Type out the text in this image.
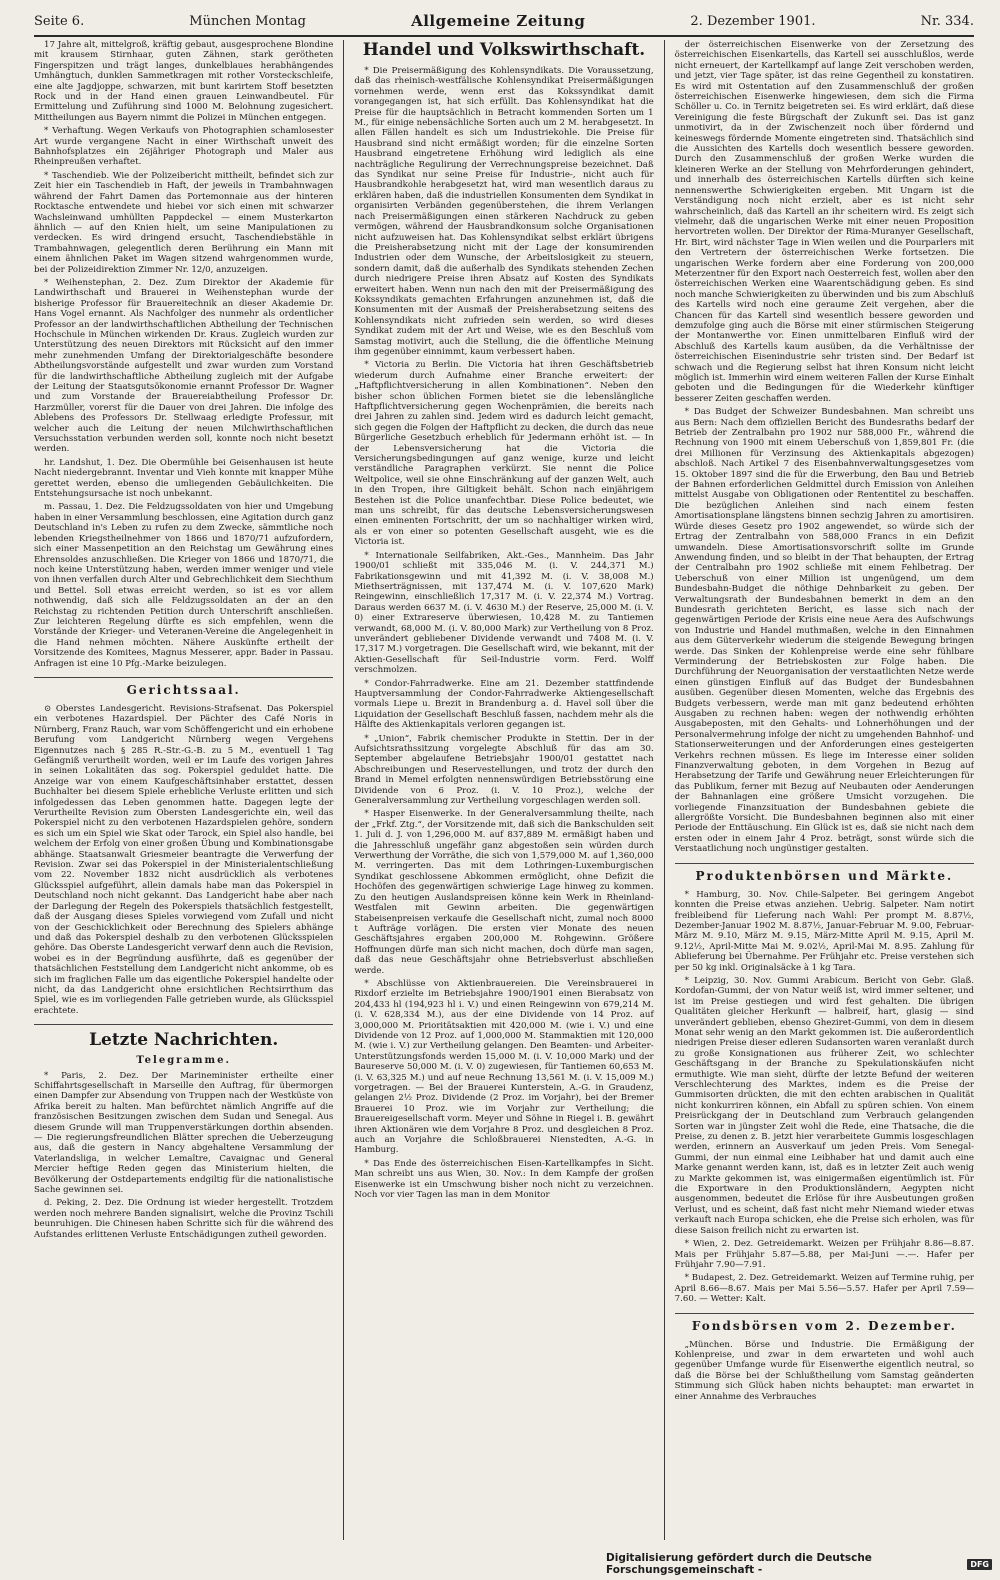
Seite 6.	München Montag	Allgemeine Zeitung	2. Dezember 1901.	Nr. 334.

17 Jahre alt, mittelgroß, kräftig gebaut, ausgesprochene Blondine mit krausem Stirnhaar, guten Zähnen, stark gerötheten Fingerspitzen und trägt langes, dunkelblaues herabhängendes Umhängtuch, dunklen Sammetkragen mit rother Vorsteckschleife, eine alte Jagdjoppe, schwarzen, mit bunt karirtem Stoff besetzten Rock und in der Hand einen grauen Leinwandbeutel. Für Ermittelung und Zuführung sind 1000 M. Belohnung zugesichert. Mittheilungen aus Bayern nimmt die Polizei in München entgegen.

* Verhaftung. Wegen Verkaufs von Photographien schamlosester Art wurde vergangene Nacht in einer Wirthschaft unweit des Bahnhofsplatzes ein 26jähriger Photograph und Maler aus Rheinpreußen verhaftet.

* Taschendieb. Wie der Polizeibericht mittheilt, befindet sich zur Zeit hier ein Taschendieb in Haft, der jeweils in Trambahnwagen während der Fahrt Damen das Portemonnaie aus der hinteren Rocktasche entwendete und hiebei vor sich einen mit schwarzer Wachsleinwand umhüllten Pappdeckel — einem Musterkarton ähnlich — auf den Knien hielt, um seine Manipulationen zu verdecken. Es wird dringend ersucht, Taschendiebstähle in Trambahnwagen, gelegentlich deren Berührung ein Mann mit einem ähnlichen Paket im Wagen sitzend wahrgenommen wurde, bei der Polizeidirektion Zimmer Nr. 12/0, anzuzeigen.

* Weihenstephan, 2. Dez. Zum Direktor der Akademie für Landwirthschaft und Brauerei in Weihenstephan wurde der bisherige Professor für Brauereitechnik an dieser Akademie Dr. Hans Vogel ernannt. Als Nachfolger des nunmehr als ordentlicher Professor an der landwirthschaftlichen Abtheilung der Technischen Hochschule in München wirkenden Dr. Kraus. Zugleich wurden zur Unterstützung des neuen Direktors mit Rücksicht auf den immer mehr zunehmenden Umfang der Direktorialgeschäfte besondere Abtheilungsvorstände aufgestellt und zwar wurden zum Vorstand für die landwirthschaftliche Abtheilung zugleich mit der Aufgabe der Leitung der Staatsgutsökonomie ernannt Professor Dr. Wagner und zum Vorstande der Brauereiabtheilung Professor Dr. Harzmüller, vorerst für die Dauer von drei Jahren. Die infolge des Ablebens des Professors Dr. Stellwaag erledigte Professur, mit welcher auch die Leitung der neuen Milchwirthschaftlichen Versuchsstation verbunden werden soll, konnte noch nicht besetzt werden.

hr. Landshut, 1. Dez. Die Obermühle bei Geisenhausen ist heute Nacht niedergebrannt. Inventar und Vieh konnte mit knapper Mühe gerettet werden, ebenso die umliegenden Gebäulichkeiten. Die Entstehungsursache ist noch unbekannt.

m. Passau, 1. Dez. Die Feldzugssoldaten von hier und Umgebung haben in einer Versammlung beschlossen, eine Agitation durch ganz Deutschland in's Leben zu rufen zu dem Zwecke, sämmtliche noch lebenden Kriegstheilnehmer von 1866 und 1870/71 aufzufordern, sich einer Massenpetition an den Reichstag um Gewährung eines Ehrensoldes anzuschließen. Die Krieger von 1866 und 1870/71, die noch keine Unterstützung haben, werden immer weniger und viele von ihnen verfallen durch Alter und Gebrechlichkeit dem Siechthum und Bettel. Soll etwas erreicht werden, so ist es vor allem nothwendig, daß sich alle Feldzugssoldaten an der an den Reichstag zu richtenden Petition durch Unterschrift anschließen. Zur leichteren Regelung dürfte es sich empfehlen, wenn die Vorstände der Krieger- und Veteranen-Vereine die Angelegenheit in die Hand nehmen möchten. Nähere Auskünfte ertheilt der Vorsitzende des Komitees, Magnus Messerer, appr. Bader in Passau. Anfragen ist eine 10 Pfg.-Marke beizulegen.

Gerichtssaal.

⊙ Oberstes Landesgericht. Revisions-Strafsenat. Das Pokerspiel ein verbotenes Hazardspiel. Der Pächter des Café Noris in Nürnberg, Franz Rauch, war vom Schöffengericht und ein erhobene Berufung vom Landgericht Nürnberg wegen Vergehens Eigennutzes nach § 285 R.-Str.-G.-B. zu 5 M., eventuell 1 Tag Gefängniß verurtheilt worden, weil er im Laufe des vorigen Jahres in seinen Lokalitäten das sog. Pokerspiel geduldet hatte. Die Anzeige war von einem Kaufgeschäftsinhaber erstattet, dessen Buchhalter bei diesem Spiele erhebliche Verluste erlitten und sich infolgedessen das Leben genommen hatte. Dagegen legte der Verurtheilte Revision zum Obersten Landesgerichte ein, weil das Pokerspiel nicht zu den verbotenen Hazardspielen gehöre, sondern es sich um ein Spiel wie Skat oder Tarock, ein Spiel also handle, bei welchem der Erfolg von einer großen Übung und Kombinationsgabe abhänge. Staatsanwalt Griesmeier beantragte die Verwerfung der Revision. Zwar sei das Pokerspiel in der Ministerialentschließung vom 22. November 1832 nicht ausdrücklich als verbotenes Glücksspiel aufgeführt, allein damals habe man das Pokerspiel in Deutschland noch nicht gekannt. Das Landgericht habe aber nach der Darlegung der Regeln des Pokerspiels thatsächlich festgestellt, daß der Ausgang dieses Spieles vorwiegend vom Zufall und nicht von der Geschicklichkeit oder Berechnung des Spielers abhänge und daß das Pokerspiel deshalb zu den verbotenen Glücksspielen gehöre. Das Oberste Landesgericht verwarf denn auch die Revision, wobei es in der Begründung ausführte, daß es gegenüber der thatsächlichen Feststellung dem Landgericht nicht ankomme, ob es sich im fraglichen Falle um das eigentliche Pokerspiel handelte oder nicht, da das Landgericht ohne ersichtlichen Rechtsirrthum das Spiel, wie es im vorliegenden Falle getrieben wurde, als Glücksspiel erachtete.

Letzte Nachrichten.
Telegramme.

* Paris, 2. Dez. Der Marineminister ertheilte einer Schiffahrtsgesellschaft in Marseille den Auftrag, für übermorgen einen Dampfer zur Absendung von Truppen nach der Westküste von Afrika bereit zu halten. Man befürchtet nämlich Angriffe auf die französischen Besitzungen zwischen dem Sudan und Senegal. Aus diesem Grunde will man Truppenverstärkungen dorthin absenden. — Die regierungsfreundlichen Blätter sprechen die Ueberzeugung aus, daß die gestern in Nancy abgehaltene Versammlung der Vaterlandsliga, in welcher Lemaître, Cavaignac und General Mercier heftige Reden gegen das Ministerium hielten, die Bevölkerung der Ostdepartements endgiltig für die nationalistische Sache gewinnen sei.

d. Peking, 2. Dez. Die Ordnung ist wieder hergestellt. Trotzdem werden noch mehrere Banden signalisirt, welche die Provinz Tschili beunruhigen. Die Chinesen haben Schritte sich für die während des Aufstandes erlittenen Verluste Entschädigungen zutheil geworden.

Handel und Volkswirthschaft.

* Die Preisermäßigung des Kohlensyndikats. Die Voraussetzung, daß das rheinisch-westfälische Kohlensyndikat Preisermäßigungen vornehmen werde, wenn erst das Kokssyndikat damit vorangegangen ist, hat sich erfüllt. Das Kohlensyndikat hat die Preise für die hauptsächlich in Betracht kommenden Sorten um 1 M., für einige nebensächliche Sorten auch um 2 M. herabgesetzt. In allen Fällen handelt es sich um Industriekohle. Die Preise für Hausbrand sind nicht ermäßigt worden; für die einzelne Sorten Hausbrand eingetretene Erhöhung wird lediglich als eine nachträgliche Regulirung der Verrechnungspreise bezeichnet. Daß das Syndikat nur seine Preise für Industrie-, nicht auch für Hausbrandkohle herabgesetzt hat, wird man wesentlich daraus zu erklären haben, daß die industriellen Konsumenten dem Syndikat in organisirten Verbänden gegenüberstehen, die ihrem Verlangen nach Preisermäßigungen einen stärkeren Nachdruck zu geben vermögen, während der Hausbrandkonsum solche Organisationen nicht aufzuweisen hat. Das Kohlensyndikat selbst erklärt übrigens die Preisherabsetzung nicht mit der Lage der konsumirenden Industrien oder dem Wunsche, der Arbeitslosigkeit zu steuern, sondern damit, daß die außerhalb des Syndikats stehenden Zechen durch niedrigere Preise ihren Absatz auf Kosten des Syndikats erweitert haben. Wenn nun nach den mit der Preisermäßigung des Kokssyndikats gemachten Erfahrungen anzunehmen ist, daß die Konsumenten mit der Ausmaß der Preisherabsetzung seitens des Kohlensyndikats nicht zufrieden sein werden, so wird dieses Syndikat zudem mit der Art und Weise, wie es den Beschluß vom Samstag motivirt, auch die Stellung, die die öffentliche Meinung ihm gegenüber einnimmt, kaum verbessert haben.

* Victoria zu Berlin. Die Victoria hat ihren Geschäftsbetrieb wiederum durch Aufnahme einer Branche erweitert: der „Haftpflichtversicherung in allen Kombinationen“. Neben den bisher schon üblichen Formen bietet sie die lebenslängliche Haftpflichtversicherung gegen Wochenprämien, die bereits nach drei Jahren zu zahlen sind. Jedem wird es dadurch leicht gemacht, sich gegen die Folgen der Haftpflicht zu decken, die durch das neue Bürgerliche Gesetzbuch erheblich für Jedermann erhöht ist. — In der Lebensversicherung hat die Victoria die Versicherungsbedingungen auf ganz wenige, kurze und leicht verständliche Paragraphen verkürzt. Sie nennt die Police Weltpolice, weil sie ohne Einschränkung auf der ganzen Welt, auch in den Tropen, ihre Giltigkeit behält. Schon nach einjährigem Bestehen ist die Police unanfechtbar. Diese Police bedeutet, wie man uns schreibt, für das deutsche Lebensversicherungswesen einen eminenten Fortschritt, der um so nachhaltiger wirken wird, als er von einer so potenten Gesellschaft ausgeht, wie es die Victoria ist.

* Internationale Seilfabriken, Akt.-Ges., Mannheim. Das Jahr 1900/01 schließt mit 335,046 M. (i. V. 244,371 M.) Fabrikationsgewinn und mit 41,392 M. (i. V. 38,008 M.) Miethserträgnissen, mit 137,474 M. (i. V. 107,620 Mark) Reingewinn, einschließlich 17,317 M. (i. V. 22,374 M.) Vortrag. Daraus werden 6637 M. (i. V. 4630 M.) der Reserve, 25,000 M. (i. V. 0) einer Extrareserve überwiesen, 10,428 M. zu Tantiemen verwandt, 68,000 M. (i. V. 80,000 Mark) zur Vertheilung von 8 Proz. unverändert gebliebener Dividende verwandt und 7408 M. (i. V. 17,317 M.) vorgetragen. Die Gesellschaft wird, wie bekannt, mit der Aktien-Gesellschaft für Seil-Industrie vorm. Ferd. Wolff verschmolzen.

* Condor-Fahrradwerke. Eine am 21. Dezember stattfindende Hauptversammlung der Condor-Fahrradwerke Aktiengesellschaft vormals Liepe u. Brezit in Brandenburg a. d. Havel soll über die Liquidation der Gesellschaft Beschluß fassen, nachdem mehr als die Hälfte des Aktienkapitals verloren gegangen ist.

* „Union“, Fabrik chemischer Produkte in Stettin. Der in der Aufsichtsrathssitzung vorgelegte Abschluß für das am 30. September abgelaufene Betriebsjahr 1900/01 gestattet nach Abschreibungen und Reservestellungen, und trotz der durch den Brand in Memel erfolgten nennenswürdigen Betriebsstörung eine Dividende von 6 Proz. (i. V. 10 Proz.), welche der Generalversammlung zur Vertheilung vorgeschlagen werden soll.

* Hasper Eisenwerke. In der Generalversammlung theilte, nach der „Frkf. Ztg.“, der Vorsitzende mit, daß sich die Bankschulden seit 1. Juli d. J. von 1,296,000 M. auf 837,889 M. ermäßigt haben und die Jahresschluß ungefähr ganz abgestoßen sein würden durch Verwerthung der Vorräthe, die sich von 1,579,000 M. auf 1,360,000 M. verringerten. Das mit dem Lothringen-Luxemburgischen Syndikat geschlossene Abkommen ermöglicht, ohne Defizit die Hochöfen des gegenwärtigen schwierige Lage hinweg zu kommen. Zu den heutigen Auslandspreisen könne kein Werk in Rheinland-Westfalen mit Gewinn arbeiten. Die gegenwärtigen Stabeisenpreisen verkaufe die Gesellschaft nicht, zumal noch 8000 t Aufträge vorlägen. Die ersten vier Monate des neuen Geschäftsjahres ergaben 200,000 M. Rohgewinn. Größere Hoffnungen dürfe man sich nicht machen, doch dürfe man sagen, daß das neue Geschäftsjahr ohne Betriebsverlust abschließen werde.

* Abschlüsse von Aktienbrauereien. Die Vereinsbrauerei in Rixdorf erzielte im Betriebsjahre 1900/1901 einen Bierabsatz von 204,433 hl (194,923 hl i. V.) und einen Reingewinn von 679,214 M. (i. V. 628,334 M.), aus der eine Dividende von 14 Proz. auf 3,000,000 M. Prioritätsaktien mit 420,000 M. (wie i. V.) und eine Dividende von 12 Proz. auf 1,000,000 M. Stammaktien mit 120,000 M. (wie i. V.) zur Vertheilung gelangen. Den Beamten- und Arbeiter-Unterstützungsfonds werden 15,000 M. (i. V. 10,000 Mark) und der Baureserve 50,000 M. (i. V. 0) zugewiesen, für Tantiemen 60,653 M. (i. V. 63,325 M.) und auf neue Rechnung 13,561 M. (i. V. 15,009 M.) vorgetragen. — Bei der Brauerei Kunterstein, A.-G. in Graudenz, gelangen 2½ Proz. Dividende (2 Proz. im Vorjahr), bei der Bremer Brauerei 10 Proz. wie im Vorjahr zur Vertheilung; die Brauereigesellschaft vorm. Meyer und Söhne in Riegel i. B. gewährt ihren Aktionären wie dem Vorjahre 8 Proz. und desgleichen 8 Proz. auch an Vorjahre die Schloßbrauerei Nienstedten, A.-G. in Hamburg.

* Das Ende des österreichischen Eisen-Kartellkampfes in Sicht. Man schreibt uns aus Wien, 30. Nov.: In dem Kampfe der großen Eisenwerke ist ein Umschwung bisher noch nicht zu verzeichnen. Noch vor vier Tagen las man in dem Monitor

der österreichischen Eisenwerke von der Zersetzung des österreichischen Eisenkartells, das Kartell sei ausschlußlos, werde nicht erneuert, der Kartellkampf auf lange Zeit verschoben werden, und jetzt, vier Tage später, ist das reine Gegentheil zu konstatiren. Es wird mit Ostentation auf den Zusammenschluß der großen österreichischen Eisenwerke hingewiesen, dem sich die Firma Schöller u. Co. in Ternitz beigetreten sei. Es wird erklärt, daß diese Vereinigung die feste Bürgschaft der Zukunft sei. Das ist ganz unmotivirt, da in der Zwischenzeit noch über fördernd und keineswegs fördernde Momente eingetreten sind. Thatsächlich sind die Aussichten des Kartells doch wesentlich bessere geworden. Durch den Zusammenschluß der großen Werke wurden die kleineren Werke an der Stellung von Mehrforderungen gehindert, und innerhalb des österreichischen Kartells dürften sich keine nennenswerthe Schwierigkeiten ergeben. Mit Ungarn ist die Verständigung noch nicht erzielt, aber es ist nicht sehr wahrscheinlich, daß das Kartell an ihr scheitern wird. Es zeigt sich vielmehr, daß die ungarischen Werke mit einer neuen Proposition hervortreten wollen. Der Direktor der Rima-Muranyer Gesellschaft, Hr. Birt, wird nächster Tage in Wien weilen und die Pourparlers mit den Vertretern der österreichischen Werke fortsetzen. Die ungarischen Werke fordern aber eine Forderung von 200,000 Meterzentner für den Export nach Oesterreich fest, wollen aber den österreichischen Werken eine Waarentschädigung geben. Es sind noch manche Schwierigkeiten zu überwinden und bis zum Abschluß des Kartells wird noch eine geraume Zeit vergehen, aber die Chancen für das Kartell sind wesentlich bessere geworden und demzufolge ging auch die Börse mit einer stürmischen Steigerung der Montanwerthe vor. Einen unmittelbaren Einfluß wird der Abschluß des Kartells kaum ausüben, da die Verhältnisse der österreichischen Eisenindustrie sehr tristen sind. Der Bedarf ist schwach und die Regierung selbst hat ihren Konsum nicht leicht möglich ist. Immerhin wird einem weiteren Fallen der Kurse Einhalt geboten und die Bedingungen für die Wiederkehr künftiger besserer Zeiten geschaffen werden.

* Das Budget der Schweizer Bundesbahnen. Man schreibt uns aus Bern: Nach dem offiziellen Bericht des Bundesraths bedarf der Betrieb der Zentralbahn pro 1902 nur 588,000 Fr., während die Rechnung von 1900 mit einem Ueberschuß von 1,859,801 Fr. (die drei Millionen für Verzinsung des Aktienkapitals abgezogen) abschloß. Nach Artikel 7 des Eisenbahnverwaltungsgesetzes vom 15. Oktober 1897 sind die für die Erwerbung, den Bau und Betrieb der Bahnen erforderlichen Geldmittel durch Emission von Anleihen mittelst Ausgabe von Obligationen oder Rententitel zu beschaffen. Die bezüglichen Anleihen sind nach einem festen Amortisationsplane längstens binnen sechzig Jahren zu amortisiren. Würde dieses Gesetz pro 1902 angewendet, so würde sich der Ertrag der Zentralbahn von 588,000 Francs in ein Defizit umwandeln. Diese Amortisationsvorschrift sollte im Grunde Anwendung finden, und so bleibt in der That behaupten, der Ertrag der Centralbahn pro 1902 schließe mit einem Fehlbetrag. Der Ueberschuß von einer Million ist ungenügend, um dem Bundesbahn-Budget die nöthige Dehnbarkeit zu geben. Der Verwaltungsrath der Bundesbahnen bemerkt in dem an den Bundesrath gerichteten Bericht, es lasse sich nach der gegenwärtigen Periode der Krisis eine neue Aera des Aufschwungs von Industrie und Handel muthmaßen, welche in den Einnahmen aus dem Güterverkehr wiederum die steigende Bewegung bringen werde. Das Sinken der Kohlenpreise werde eine sehr fühlbare Verminderung der Betriebskosten zur Folge haben. Die Durchführung der Neuorganisation der verstaatlichten Netze werde einen günstigen Einfluß auf das Budget der Bundesbahnen ausüben. Gegenüber diesen Momenten, welche das Ergebnis des Budgets verbessern, werde man mit ganz bedeutend erhöhten Ausgaben zu rechnen haben: wegen der nothwendig erhöhten Ausgabeposten, mit den Gehalts- und Lohnerhöhungen und der Personalvermehrung infolge der nicht zu umgehenden Bahnhof- und Stationserweiterungen und der Anforderungen eines gesteigerten Verkehrs rechnen müssen. Es liege im Interesse einer soliden Finanzverwaltung geboten, in dem Vorgehen in Bezug auf Herabsetzung der Tarife und Gewährung neuer Erleichterungen für das Publikum, ferner mit Bezug auf Neubauten oder Aenderungen der Bahnanlagen eine größere Umsicht vorzugehen. Die vorliegende Finanzsituation der Bundesbahnen gebiete die allergrößte Vorsicht. Die Bundesbahnen beginnen also mit einer Periode der Enttäuschung. Ein Glück ist es, daß sie nicht nach dem ersten oder in einem Jahr 4 Proz. beträgt, sonst würde sich die Verstaatlichung noch ungünstiger gestalten.

Produktenbörsen und Märkte.

* Hamburg, 30. Nov. Chile-Salpeter. Bei geringem Angebot konnten die Preise etwas anziehen. Uebrig. Salpeter. Nam notirt freibleibend für Lieferung nach Wahl: Per prompt M. 8.87½, Dezember-Januar 1902 M. 8.87½, Januar-Februar M. 9.00, Februar-März M. 9.10, März M. 9.15, März-Mitte April M. 9.15, April M. 9.12½, April-Mitte Mai M. 9.02½, April-Mai M. 8.95. Zahlung für Ablieferung bei Übernahme. Per Frühjahr etc. Preise verstehen sich per 50 kg inkl. Originalsäcke à 1 kg Tara.

* Leipzig, 30. Nov. Gummi Arabicum. Bericht von Gebr. Glaß. Kordofan-Gummi, der von Natur weiß ist, wird immer seltener, und ist im Preise gestiegen und wird fest gehalten. Die übrigen Qualitäten gleicher Herkunft — halbreif, hart, glasig — sind unverändert geblieben, ebenso Gheziret-Gummi, von dem in diesem Monat sehr wenig an den Markt gekommen ist. Die außerordentlich niedrigen Preise dieser edleren Sudansorten waren veranlaßt durch zu große Konsignationen aus früherer Zeit, wo schlechter Geschäftsgang in der Branche zu Spekulationskäufen nicht ermuthigte. Wie man sieht, dürfte der letzte Befund der weiteren Verschlechterung des Marktes, indem es die Preise der Gummisorten drückten, die mit den echten arabischen in Qualität nicht konkurriren können, ein Abfall zu spüren schien. Von einem Preisrückgang der in Deutschland zum Verbrauch gelangenden Sorten war in jüngster Zeit wohl die Rede, eine Thatsache, die die Preise, zu denen z. B. jetzt hier verarbeitete Gummis losgeschlagen werden, erinnern an Ausverkauf um jeden Preis. Vom Senegal-Gummi, der nun einmal eine Leibhaber hat und damit auch eine Marke genannt werden kann, ist, daß es in letzter Zeit auch wenig zu Markte gekommen ist, was einigermaßen eigentümlich ist. Für die Exportware in den Produktionsländern, Aegypten nicht ausgenommen, bedeutet die Erlöse für ihre Ausbeutungen großen Verlust, und es scheint, daß fast nicht mehr Niemand wieder etwas verkauft nach Europa schicken, ehe die Preise sich erholen, was für diese Saison freilich nicht zu erwarten ist.

* Wien, 2. Dez. Getreidemarkt. Weizen per Frühjahr 8.86—8.87. Mais per Frühjahr 5.87—5.88, per Mai-Juni —.—. Hafer per Frühjahr 7.90—7.91.

* Budapest, 2. Dez. Getreidemarkt. Weizen auf Termine ruhig, per April 8.66—8.67. Mais per Mai 5.56—5.57. Hafer per April 7.59—7.60. — Wetter: Kalt.

Fondsbörsen vom 2. Dezember.

„München. Börse und Industrie. Die Ermäßigung der Kohlenpreise, und zwar in dem erwarteten und wohl auch gegenüber Umfange wurde für Eisenwerthe eigentlich neutral, so daß die Börse bei der Schlußtheilung vom Samstag geänderten Stimmung sich Glück haben nichts behauptet: man erwartet in einer Annahme des Verbrauches

Digitalisierung gefördert durch die Deutsche Forschungsgemeinschaft -	DFG
